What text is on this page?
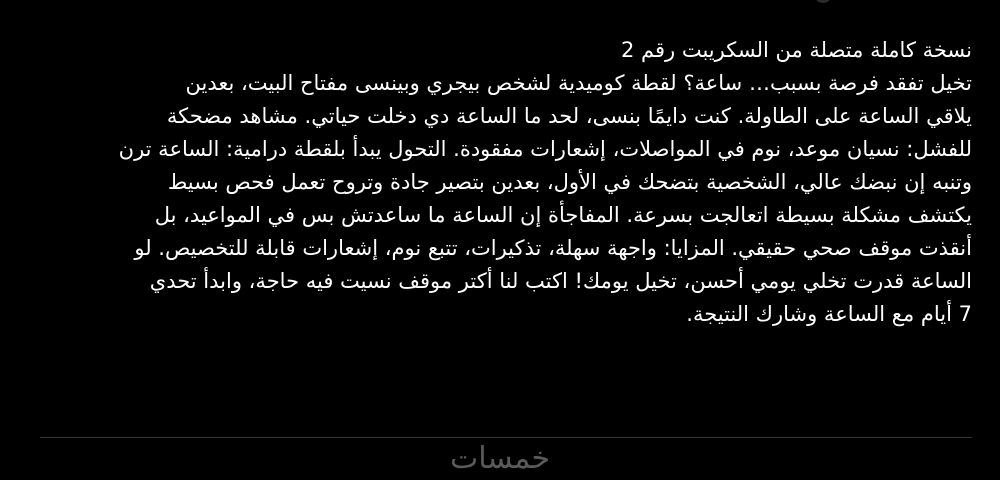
نسخة كاملة متصلة من السكريبت رقم 2

تخيل تفقد فرصة بسبب… ساعة؟ لقطة كوميدية لشخص بيجري وبينسى مفتاح البيت، بعدين
يلاقي الساعة على الطاولة. كنت دايمًا بنسى، لحد ما الساعة دي دخلت حياتي. مشاهد مضحكة
للفشل: نسيان موعد، نوم في المواصلات، إشعارات مفقودة. التحول يبدأ بلقطة درامية: الساعة ترن
وتنبه إن نبضك عالي، الشخصية بتضحك في الأول، بعدين بتصير جادة وتروح تعمل فحص بسيط
يكتشف مشكلة بسيطة اتعالجت بسرعة. المفاجأة إن الساعة ما ساعدتش بس في المواعيد، بل
أنقذت موقف صحي حقيقي. المزايا: واجهة سهلة، تذكيرات، تتبع نوم، إشعارات قابلة للتخصيص. لو
الساعة قدرت تخلي يومي أحسن، تخيل يومك! اكتب لنا أكتر موقف نسيت فيه حاجة، وابدأ تحدي
7 أيام مع الساعة وشارك النتيجة.
خمسات
